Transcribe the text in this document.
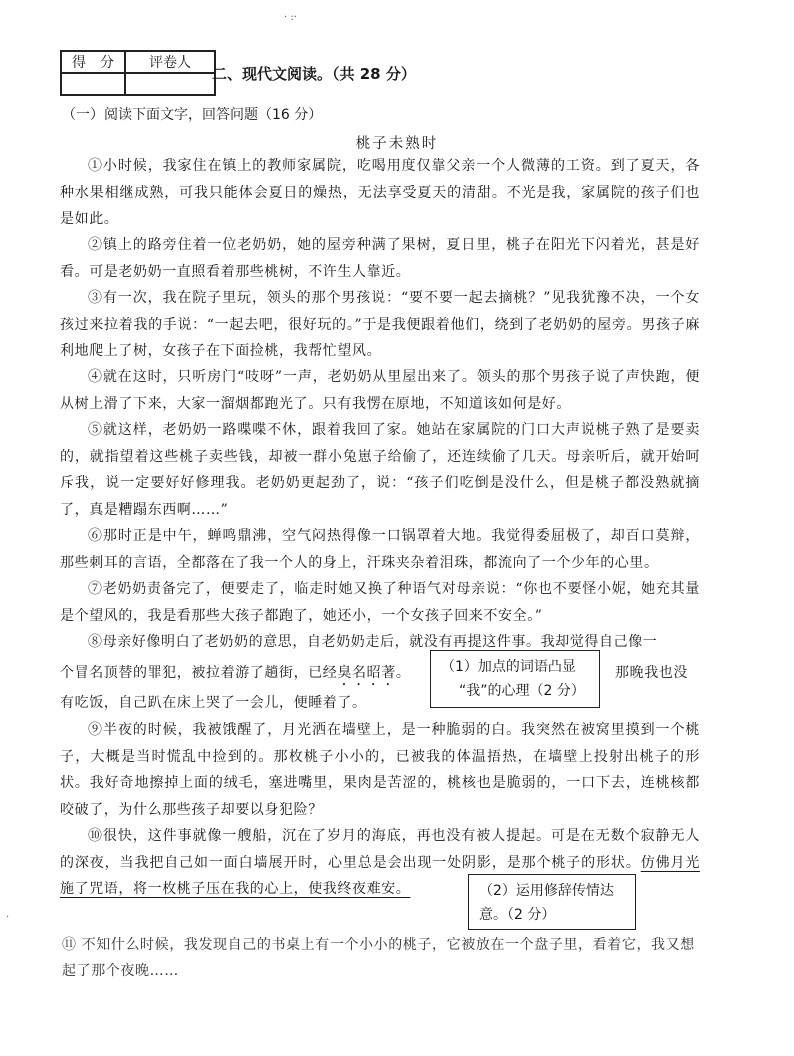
· :·
得　分	评卷人

二、现代文阅读。（共 28 分）
（一）阅读下面文字，回答问题（16 分）
桃子未熟时

①小时候，我家住在镇上的教师家属院，吃喝用度仅靠父亲一个人微薄的工资。到了夏天，各种水果相继成熟，可我只能体会夏日的燥热，无法享受夏天的清甜。不光是我，家属院的孩子们也是如此。

②镇上的路旁住着一位老奶奶，她的屋旁种满了果树，夏日里，桃子在阳光下闪着光，甚是好看。可是老奶奶一直照看着那些桃树，不许生人靠近。

③有一次，我在院子里玩，领头的那个男孩说：“要不要一起去摘桃？”见我犹豫不决，一个女孩过来拉着我的手说：“一起去吧，很好玩的。”于是我便跟着他们，绕到了老奶奶的屋旁。男孩子麻利地爬上了树，女孩子在下面捡桃，我帮忙望风。

④就在这时，只听房门“吱呀”一声，老奶奶从里屋出来了。领头的那个男孩子说了声快跑，便从树上滑了下来，大家一溜烟都跑光了。只有我愣在原地，不知道该如何是好。

⑤就这样，老奶奶一路喋喋不休，跟着我回了家。她站在家属院的门口大声说桃子熟了是要卖的，就指望着这些桃子卖些钱，却被一群小兔崽子给偷了，还连续偷了几天。母亲听后，就开始呵斥我，说一定要好好修理我。老奶奶更起劲了，说：“孩子们吃倒是没什么，但是桃子都没熟就摘了，真是糟蹋东西啊……”

⑥那时正是中午，蝉鸣鼎沸，空气闷热得像一口锅罩着大地。我觉得委屈极了，却百口莫辩，那些刺耳的言语，全都落在了我一个人的身上，汗珠夹杂着泪珠，都流向了一个少年的心里。

⑦老奶奶责备完了，便要走了，临走时她又换了种语气对母亲说：“你也不要怪小妮，她充其量是个望风的，我是看那些大孩子都跑了，她还小，一个女孩子回来不安全。”

⑧母亲好像明白了老奶奶的意思，自老奶奶走后，就没有再提这件事。我却觉得自己像一
个冒名顶替的罪犯，被拉着游了趟街，已经臭名昭著。	那晚我也没
有吃饭，自己趴在床上哭了一会儿，便睡着了。
（1）加点的词语凸显
“我”的心理（2 分）

⑨半夜的时候，我被饿醒了，月光洒在墙壁上，是一种脆弱的白。我突然在被窝里摸到一个桃子，大概是当时慌乱中捡到的。那枚桃子小小的，已被我的体温捂热，在墙壁上投射出桃子的形状。我好奇地擦掉上面的绒毛，塞进嘴里，果肉是苦涩的，桃核也是脆弱的，一口下去，连桃核都咬破了，为什么那些孩子却要以身犯险？

⑩很快，这件事就像一艘船，沉在了岁月的海底，再也没有被人提起。可是在无数个寂静无人的深夜，当我把自己如一面白墙展开时，心里总是会出现一处阴影，是那个桃子的形状。仿佛月光施了咒语，将一枚桃子压在我的心上，使我终夜难安。	（2）运用修辞传情达
意。（2 分）
⑪ 不知什么时候，我发现自己的书桌上有一个小小的桃子，它被放在一个盘子里，看着它，我又想起了那个夜晚……
·
